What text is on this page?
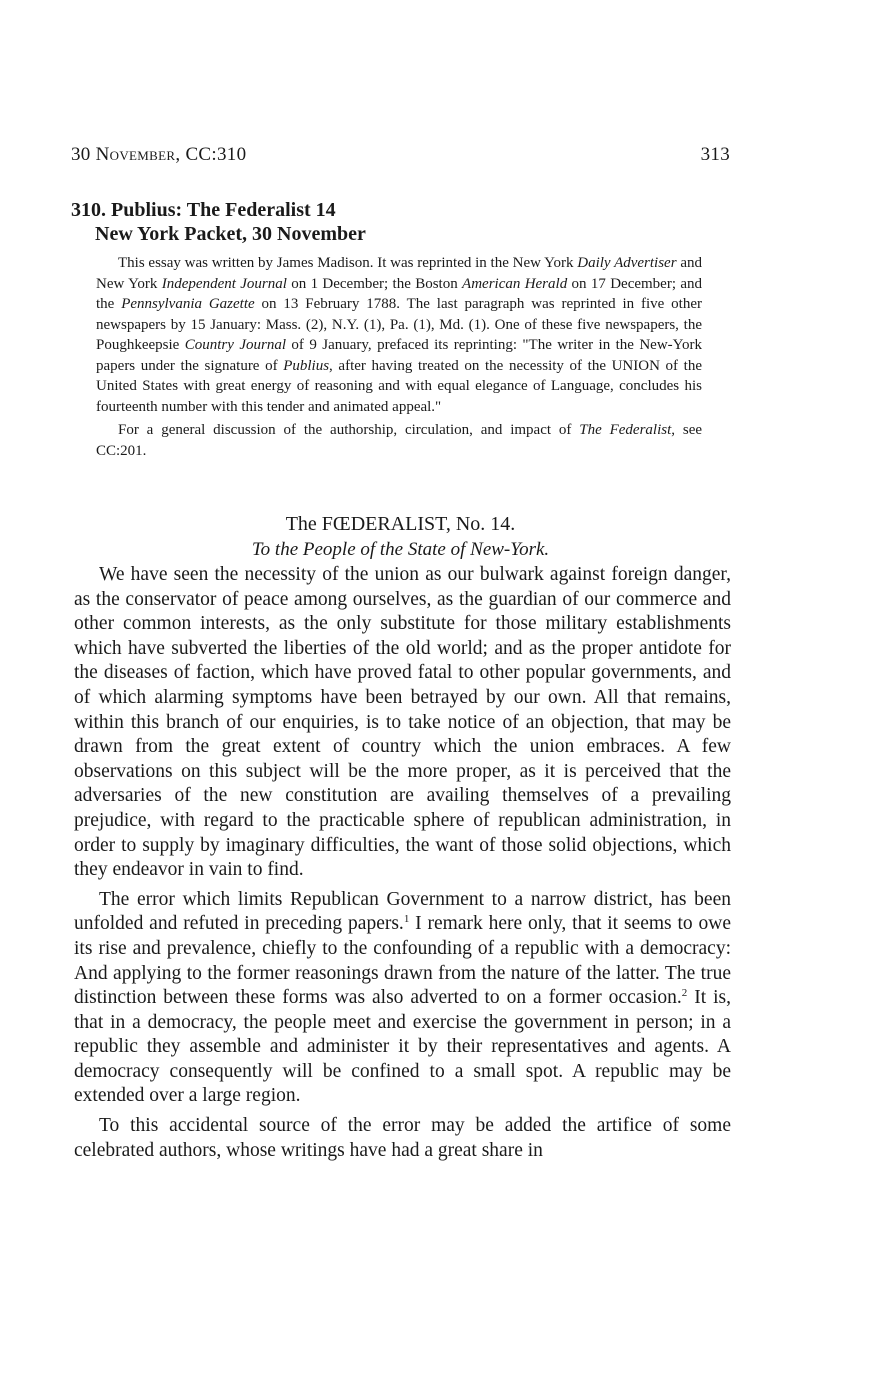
30 November, CC:310	313
310. Publius: The Federalist 14
New York Packet, 30 November

This essay was written by James Madison. It was reprinted in the New York Daily Advertiser and New York Independent Journal on 1 December; the Boston American Herald on 17 December; and the Pennsylvania Gazette on 13 February 1788. The last paragraph was reprinted in five other newspapers by 15 January: Mass. (2), N.Y. (1), Pa. (1), Md. (1). One of these five newspapers, the Poughkeepsie Country Journal of 9 January, prefaced its reprinting: "The writer in the New-York papers under the signature of Publius, after having treated on the necessity of the UNION of the United States with great energy of reasoning and with equal elegance of Language, concludes his fourteenth number with this tender and animated appeal."

For a general discussion of the authorship, circulation, and impact of The Federalist, see CC:201.

The FŒDERALIST, No. 14.
To the People of the State of New-York.

We have seen the necessity of the union as our bulwark against foreign danger, as the conservator of peace among ourselves, as the guardian of our commerce and other common interests, as the only substitute for those military establishments which have subverted the liberties of the old world; and as the proper antidote for the diseases of faction, which have proved fatal to other popular governments, and of which alarming symptoms have been betrayed by our own. All that remains, within this branch of our enquiries, is to take notice of an objection, that may be drawn from the great extent of country which the union embraces. A few observations on this subject will be the more proper, as it is perceived that the adversaries of the new constitution are availing themselves of a prevailing prejudice, with regard to the practicable sphere of republican administration, in order to supply by imaginary difficulties, the want of those solid objections, which they endeavor in vain to find.

The error which limits Republican Government to a narrow district, has been unfolded and refuted in preceding papers.$^1$ I remark here only, that it seems to owe its rise and prevalence, chiefly to the confounding of a republic with a democracy: And applying to the former reasonings drawn from the nature of the latter. The true distinction between these forms was also adverted to on a former occasion.$^2$ It is, that in a democracy, the people meet and exercise the government in person; in a republic they assemble and administer it by their representatives and agents. A democracy consequently will be confined to a small spot. A republic may be extended over a large region.

To this accidental source of the error may be added the artifice of some celebrated authors, whose writings have had a great share in
